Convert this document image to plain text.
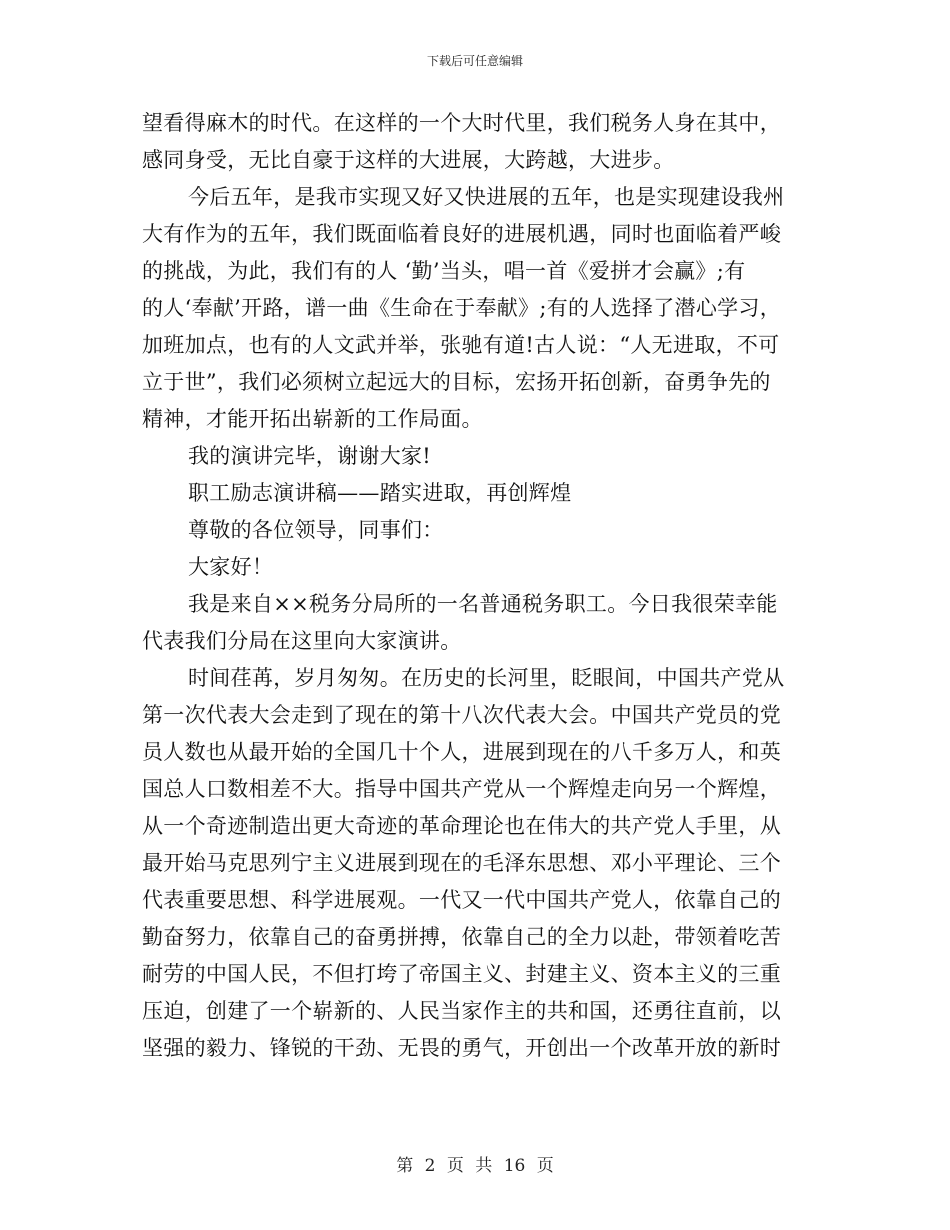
下载后可任意编辑
望看得麻木的时代。在这样的一个大时代里，我们税务人身在其中，
感同身受，无比自豪于这样的大进展，大跨越，大进步。
今后五年，是我市实现又好又快进展的五年，也是实现建设我州
大有作为的五年，我们既面临着良好的进展机遇，同时也面临着严峻
的挑战，为此，我们有的人 ‘勤’当头，唱一首《爱拼才会赢》;有
的人‘奉献’开路，谱一曲《生命在于奉献》;有的人选择了潜心学习，
加班加点，也有的人文武并举，张驰有道!古人说：“人无进取，不可
立于世”，我们必须树立起远大的目标，宏扬开拓创新，奋勇争先的
精神，才能开拓出崭新的工作局面。
我的演讲完毕，谢谢大家!
职工励志演讲稿——踏实进取，再创辉煌
尊敬的各位领导，同事们：
大家好！
我是来自××税务分局所的一名普通税务职工。今日我很荣幸能
代表我们分局在这里向大家演讲。
时间荏苒，岁月匆匆。在历史的长河里，眨眼间，中国共产党从
第一次代表大会走到了现在的第十八次代表大会。中国共产党员的党
员人数也从最开始的全国几十个人，进展到现在的八千多万人，和英
国总人口数相差不大。指导中国共产党从一个辉煌走向另一个辉煌，
从一个奇迹制造出更大奇迹的革命理论也在伟大的共产党人手里，从
最开始马克思列宁主义进展到现在的毛泽东思想、邓小平理论、三个
代表重要思想、科学进展观。一代又一代中国共产党人，依靠自己的
勤奋努力，依靠自己的奋勇拼搏，依靠自己的全力以赴，带领着吃苦
耐劳的中国人民，不但打垮了帝国主义、封建主义、资本主义的三重
压迫，创建了一个崭新的、人民当家作主的共和国，还勇往直前，以
坚强的毅力、锋锐的干劲、无畏的勇气，开创出一个改革开放的新时
第 2 页 共 16 页
